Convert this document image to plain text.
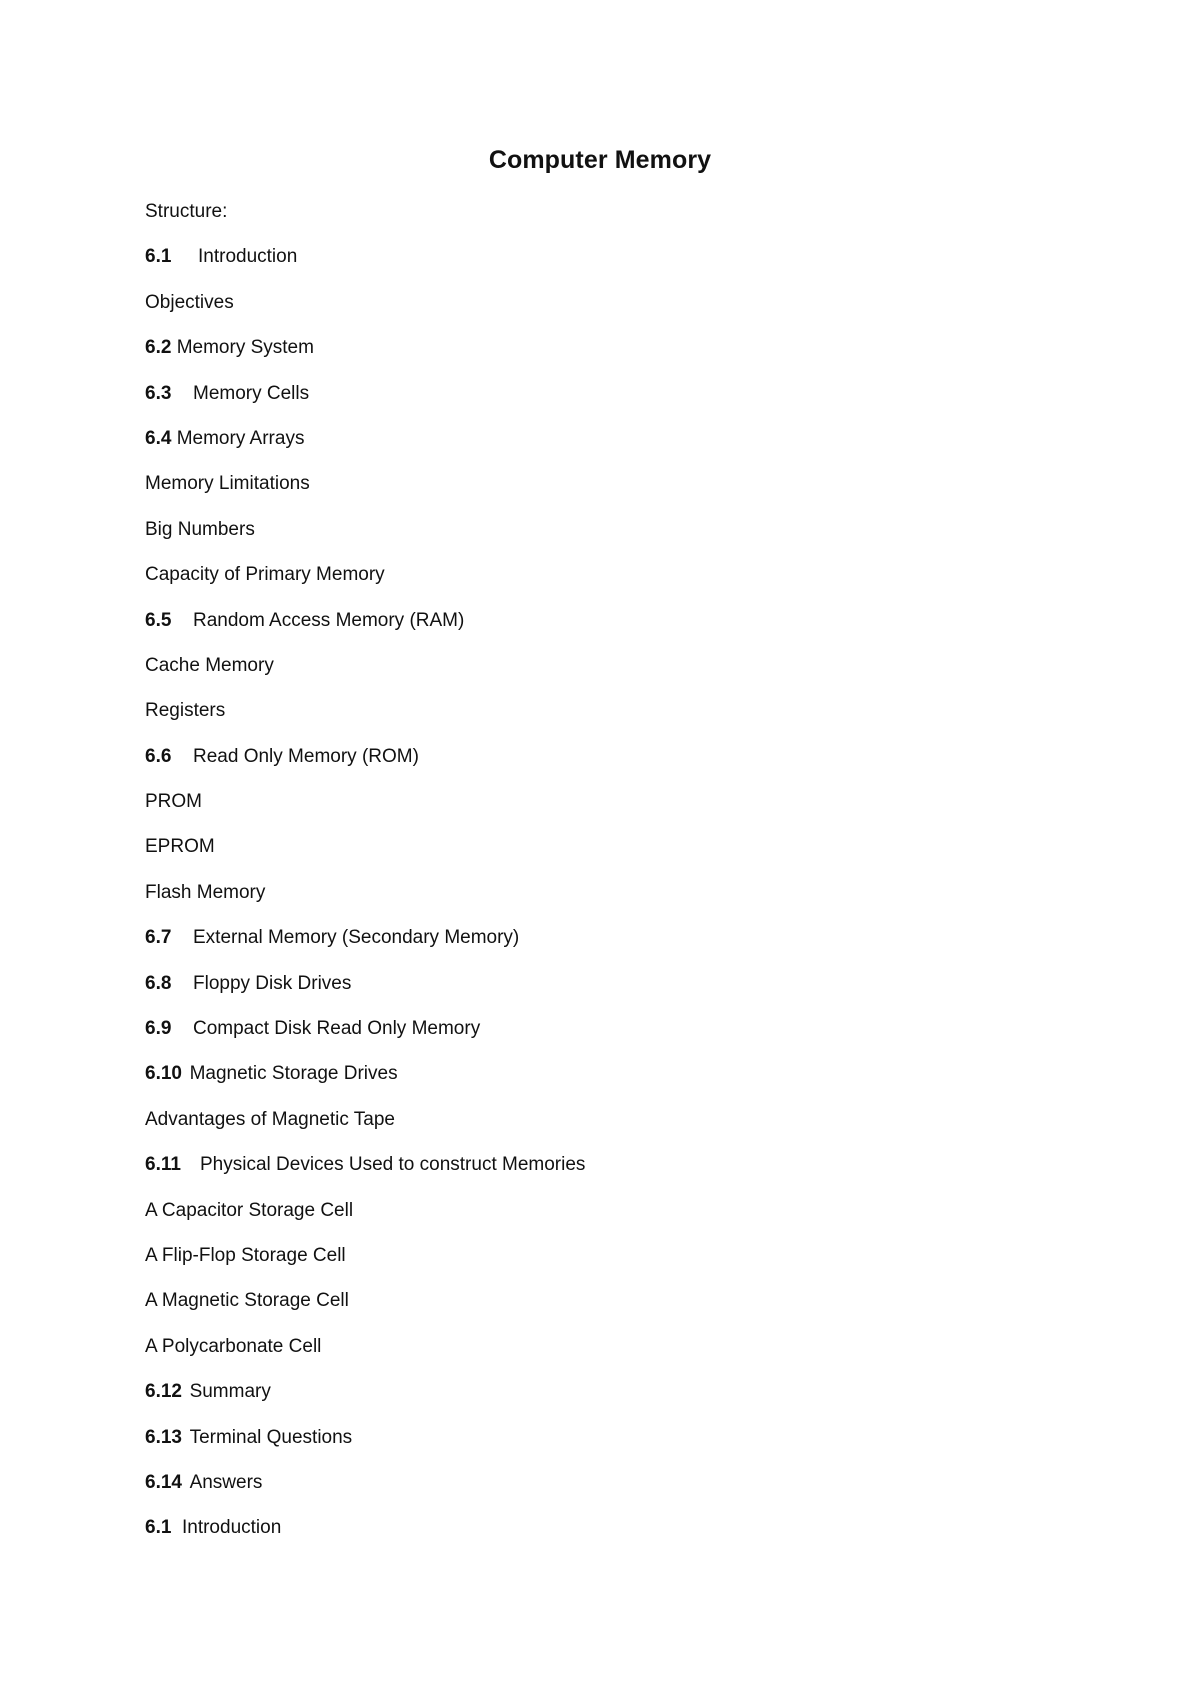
Computer Memory
Structure:
6.1	Introduction
Objectives
6.2 Memory System
6.3	Memory Cells
6.4 Memory Arrays
Memory Limitations
Big Numbers
Capacity of Primary Memory
6.5	Random Access Memory (RAM)
Cache Memory
Registers
6.6	Read Only Memory (ROM)
PROM
EPROM
Flash Memory
6.7	External Memory (Secondary Memory)
6.8	Floppy Disk Drives
6.9	Compact Disk Read Only Memory
6.10 Magnetic Storage Drives
Advantages of Magnetic Tape
6.11	Physical Devices Used to construct Memories
A Capacitor Storage Cell
A Flip-Flop Storage Cell
A Magnetic Storage Cell
A Polycarbonate Cell
6.12 Summary
6.13 Terminal Questions
6.14 Answers
6.1 Introduction
